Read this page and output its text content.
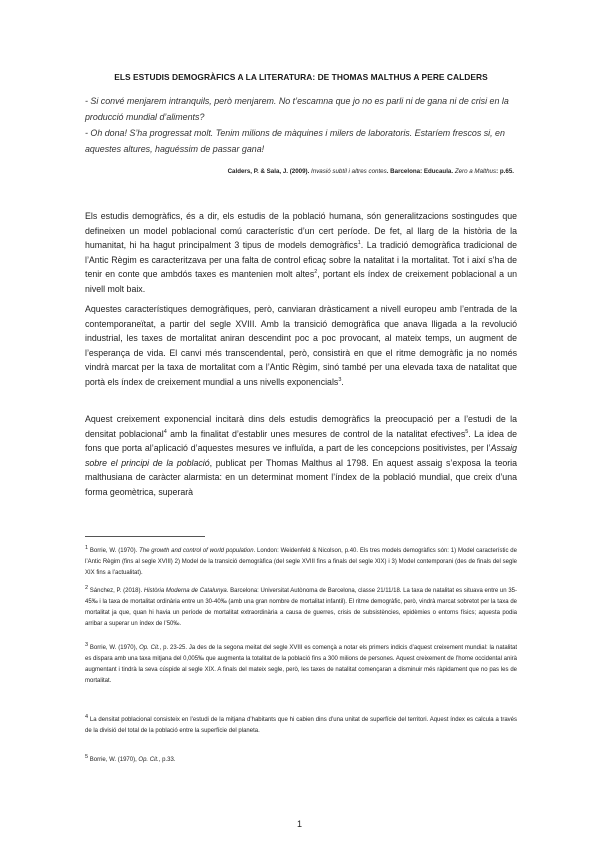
ELS ESTUDIS DEMOGRÀFICS A LA LITERATURA: DE THOMAS MALTHUS A PERE CALDERS
- Si convé menjarem intranquils, però menjarem. No t’escamna que jo no es parli ni de gana ni de crisi en la producció mundial d’aliments?
- Oh dona! S’ha progressat molt. Tenim milions de màquines i milers de laboratoris. Estaríem frescos si, en aquestes altures, haguéssim de passar gana!
Calders, P. & Sala, J. (2009). Invasió subtil i altres contes. Barcelona: Educaula. Zero a Malthus: p.65.
Els estudis demogràfics, és a dir, els estudis de la població humana, són generalitzacions sostingudes que defineixen un model poblacional comú característic d’un cert període. De fet, al llarg de la història de la humanitat, hi ha hagut principalment 3 tipus de models demogràfics$^1$. La tradició demogràfica tradicional de l’Antic Règim es caracteritzava per una falta de control eficaç sobre la natalitat i la mortalitat. Tot i així s’ha de tenir en conte que ambdós taxes es mantenien molt altes$^2$, portant els índex de creixement poblacional a un nivell molt baix.
Aquestes característiques demogràfiques, però, canviaran dràsticament a nivell europeu amb l’entrada de la contemporaneïtat, a partir del segle XVIII. Amb la transició demogràfica que anava lligada a la revolució industrial, les taxes de mortalitat aniran descendint poc a poc provocant, al mateix temps, un augment de l’esperança de vida. El canvi més transcendental, però, consistirà en que el ritme demogràfic ja no només vindrà marcat per la taxa de mortalitat com a l’Antic Règim, sinó també per una elevada taxa de natalitat que portà els índex de creixement mundial a uns nivells exponencials$^3$.
Aquest creixement exponencial incitarà dins dels estudis demogràfics la preocupació per a l’estudi de la densitat poblacional$^4$ amb la finalitat d’establir unes mesures de control de la natalitat efectives$^5$. La idea de fons que porta al’aplicació d’aquestes mesures ve influïda, a part de les concepcions positivistes, per l’Assaig sobre el principi de la població, publicat per Thomas Malthus al 1798. En aquest assaig s’exposa la teoria malthusiana de caràcter alarmista: en un determinat moment l’índex de la població mundial, que creix d’una forma geomètrica, superarà
$^1$ Borrie, W. (1970). The growth and control of world population. London: Weidenfeld & Nicolson, p.40. Els tres models demogràfics són: 1) Model característic de l’Antic Règim (fins al segle XVIII) 2) Model de la transició demogràfica (del segle XVIII fins a finals del segle XIX) i 3) Model contemporani (des de finals del segle XIX fins a l’actualitat).
$^2$ Sánchez, P. (2018). Història Moderna de Catalunya. Barcelona: Universitat Autònoma de Barcelona, classe 21/11/18. La taxa de natalitat es situava entre un 35-45‰ i la taxa de mortalitat ordinària entre un 30-40‰ (amb una gran nombre de mortalitat infantil). El ritme demogràfic, però, vindrà marcat sobretot per la taxa de mortalitat ja que, quan hi havia un període de mortalitat extraordinària a causa de guerres, crisis de subsistències, epidèmies o entorns físics; aquesta podia arribar a superar un índex de l’50‰.
$^3$ Borrie, W. (1970), Op. Cit., p. 23-25. Ja des de la segona meitat del segle XVIII es començà a notar els primers indicis d’aquest creixement mundial: la natalitat es dispara amb una taxa mitjana del 0,005‰ que augmenta la totalitat de la població fins a 300 milions de persones. Aquest creixement de l’home occidental anirà augmentant i tindrà la seva cúspide al segle XIX. A finals del mateix segle, però, les taxes de natalitat començaran a disminuir més ràpidament que no pas les de mortalitat.
$^4$ La densitat poblacional consisteix en l’estudi de la mitjana d’habitants que hi cabien dins d’una unitat de superfície del territori. Aquest índex es calcula a través de la divisió del total de la població entre la superfície del planeta.
$^5$ Borrie, W. (1970), Op. Cit., p.33.
1
